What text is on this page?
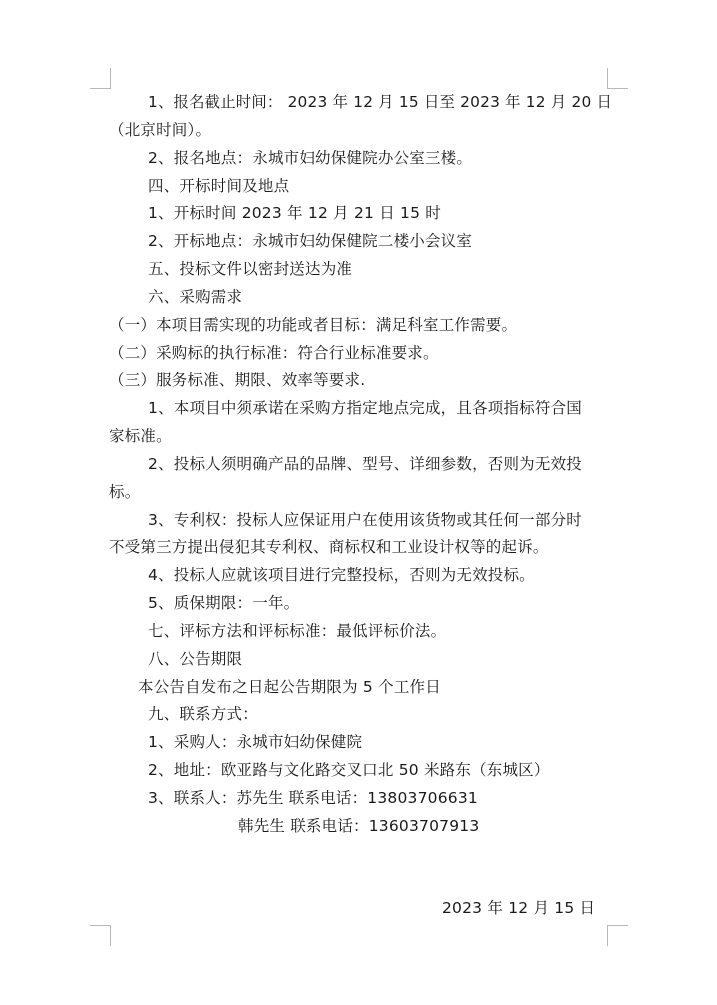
1、报名截止时间： 2023 年 12 月 15 日至 2023 年 12 月 20 日
（北京时间）。
2、报名地点：永城市妇幼保健院办公室三楼。
四、开标时间及地点
1、开标时间 2023 年 12 月 21 日 15 时
2、开标地点：永城市妇幼保健院二楼小会议室
五、投标文件以密封送达为准
六、采购需求
（一）本项目需实现的功能或者目标：满足科室工作需要。
（二）采购标的执行标准：符合行业标准要求。
（三）服务标准、期限、效率等要求.
1、本项目中须承诺在采购方指定地点完成，且各项指标符合国
家标准。
2、投标人须明确产品的品牌、型号、详细参数，否则为无效投
标。
3、专利权：投标人应保证用户在使用该货物或其任何一部分时
不受第三方提出侵犯其专利权、商标权和工业设计权等的起诉。
4、投标人应就该项目进行完整投标，否则为无效投标。
5、质保期限：一年。
七、评标方法和评标标准：最低评标价法。
八、公告期限
本公告自发布之日起公告期限为 5 个工作日
九、联系方式：
1、采购人：永城市妇幼保健院
2、地址：欧亚路与文化路交叉口北 50 米路东（东城区）
3、联系人：苏先生 联系电话：13803706631
韩先生 联系电话：13603707913
2023 年 12 月 15 日
